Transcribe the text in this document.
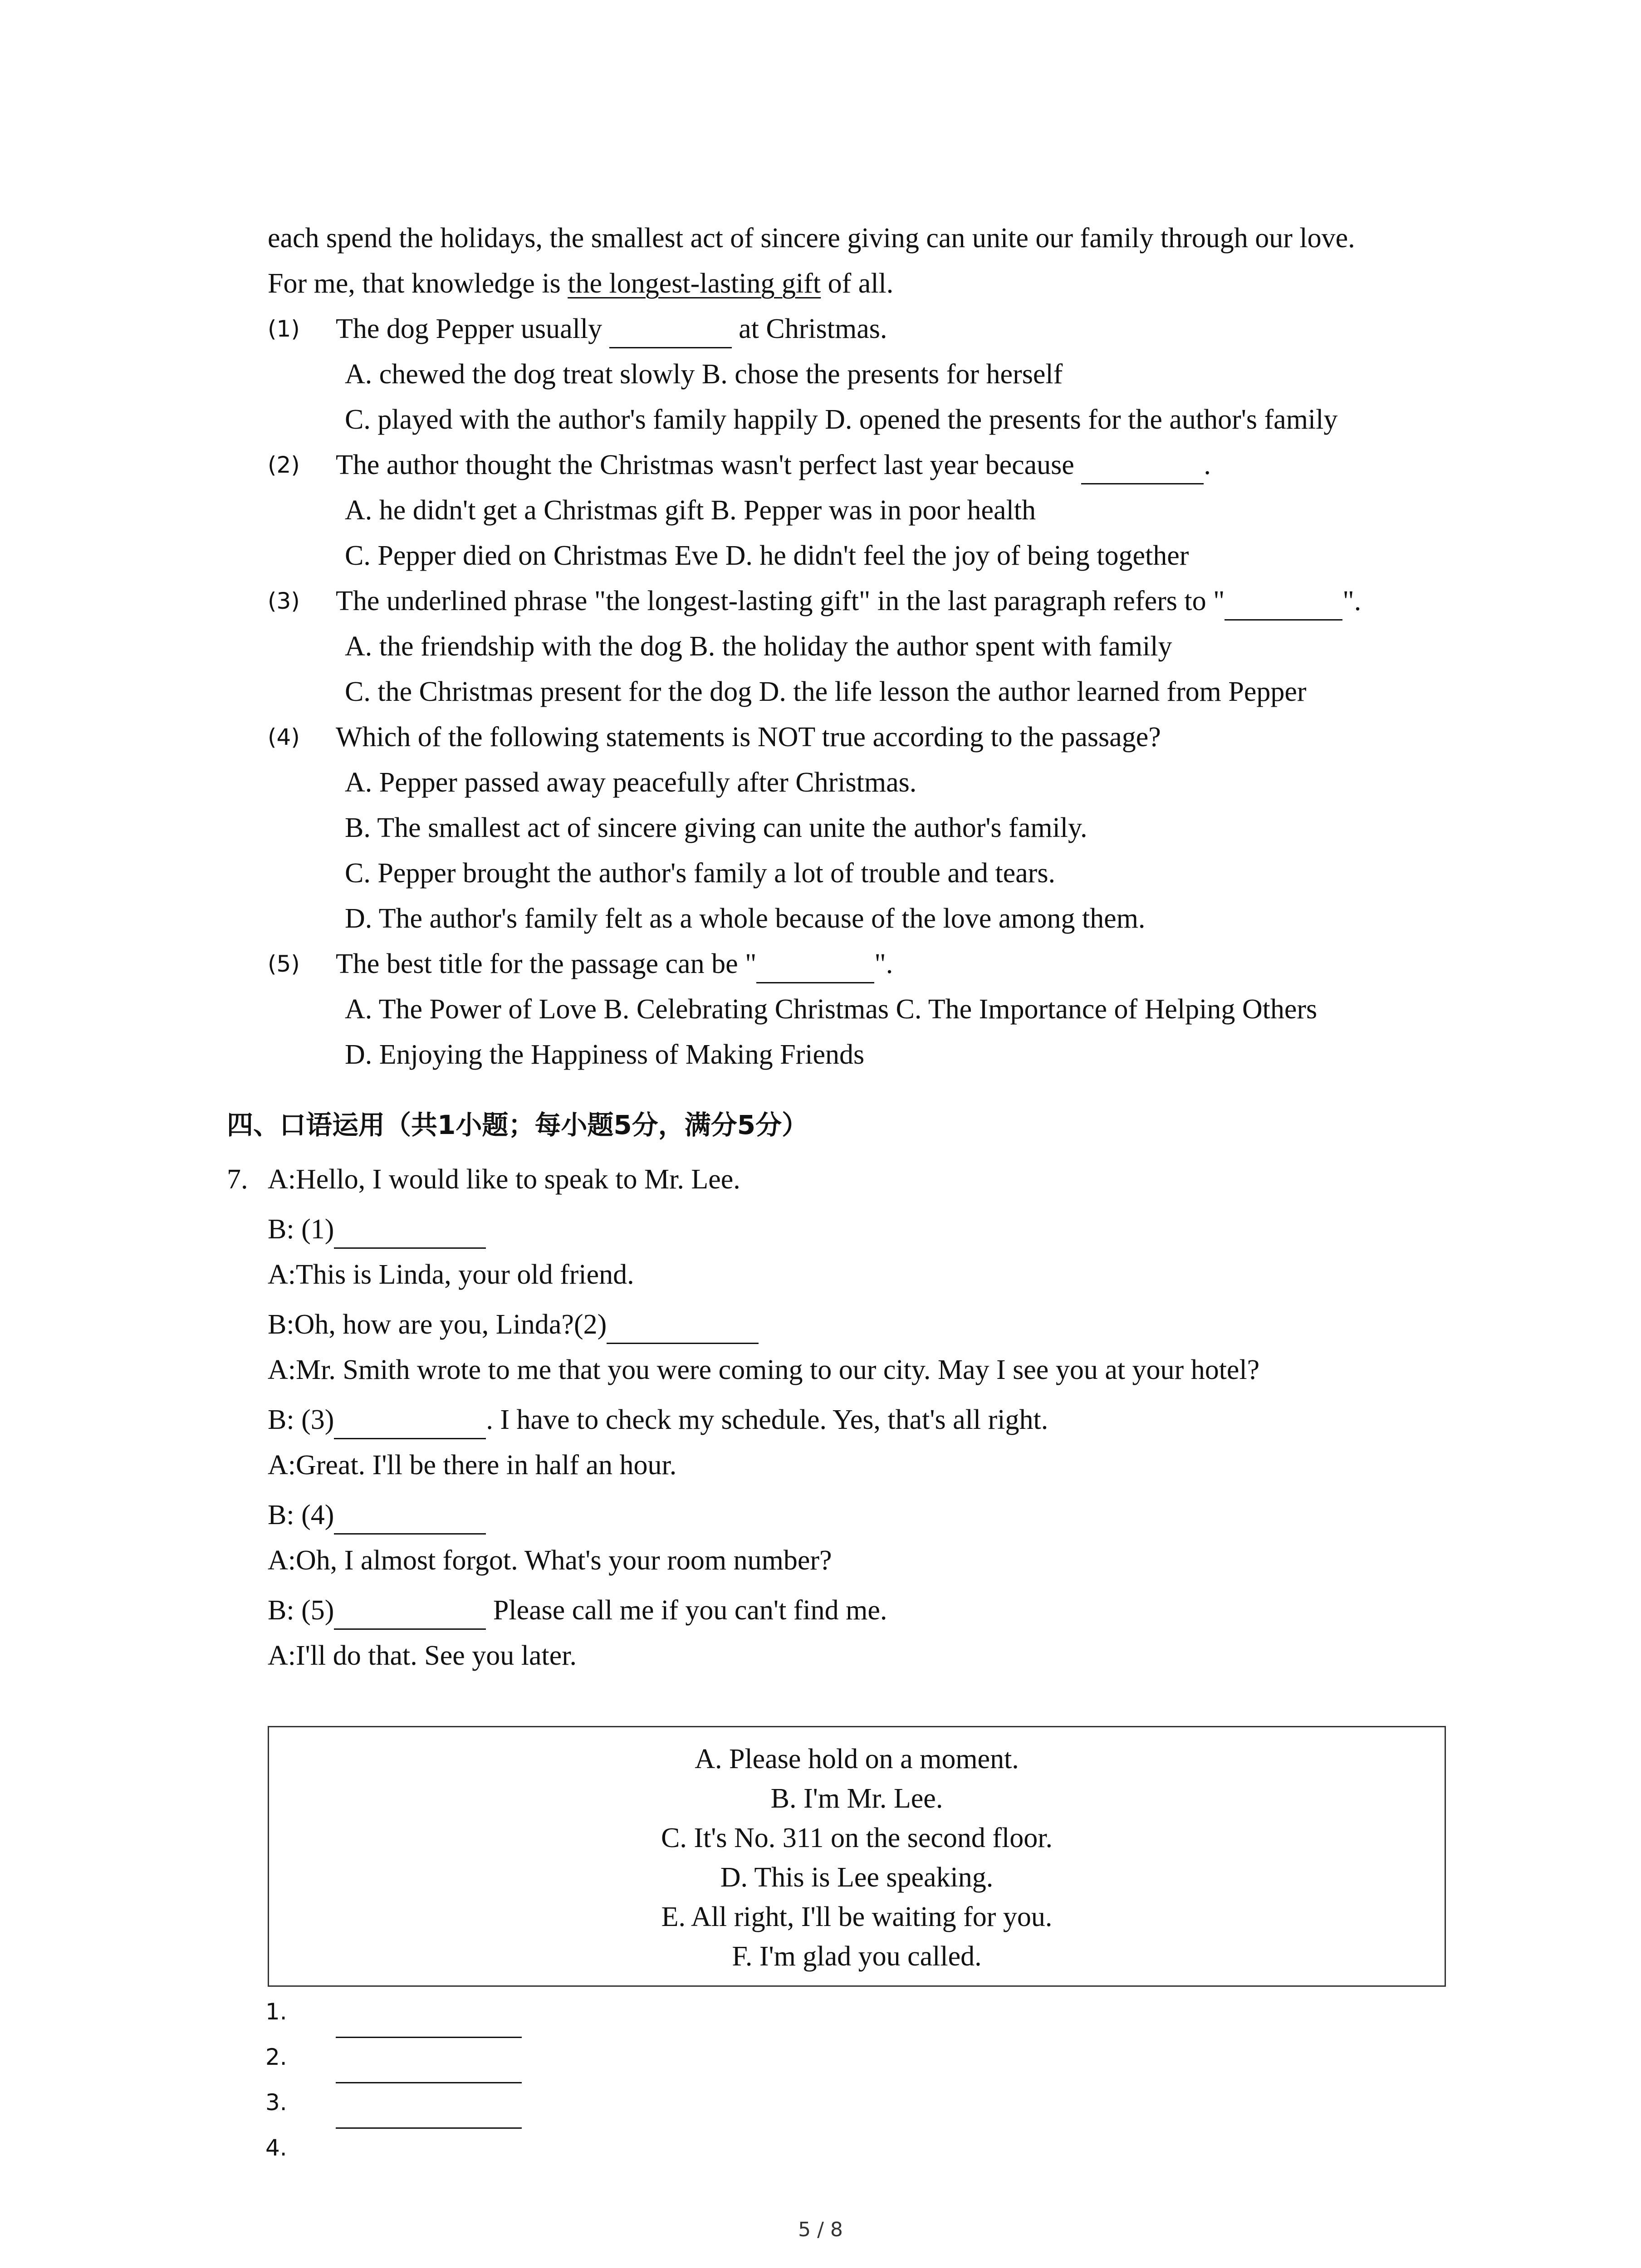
each spend the holidays, the smallest act of sincere giving can unite our family through our love.
For me, that knowledge is the longest-lasting gift of all.
(1) The dog Pepper usually	at Christmas.
A. chewed the dog treat slowly B. chose the presents for herself
C. played with the author's family happily D. opened the presents for the author's family
(2) The author thought the Christmas wasn't perfect last year because	.
A. he didn't get a Christmas gift B. Pepper was in poor health
C. Pepper died on Christmas Eve D. he didn't feel the joy of being together
(3) The underlined phrase "the longest-lasting gift" in the last paragraph refers to "	".
A. the friendship with the dog B. the holiday the author spent with family
C. the Christmas present for the dog D. the life lesson the author learned from Pepper
(4) Which of the following statements is NOT true according to the passage?
A. Pepper passed away peacefully after Christmas.
B. The smallest act of sincere giving can unite the author's family.
C. Pepper brought the author's family a lot of trouble and tears.
D. The author's family felt as a whole because of the love among them.
(5) The best title for the passage can be "	".
A. The Power of Love B. Celebrating Christmas C. The Importance of Helping Others
D. Enjoying the Happiness of Making Friends
四、口语运用（共1小题；每小题5分，满分5分）
7. A:Hello, I would like to speak to Mr. Lee.
B: (1)
A:This is Linda, your old friend.
B:Oh, how are you, Linda?(2)
A:Mr. Smith wrote to me that you were coming to our city. May I see you at your hotel?
B: (3)	. I have to check my schedule. Yes, that's all right.
A:Great. I'll be there in half an hour.
B: (4)
A:Oh, I almost forgot. What's your room number?
B: (5)	Please call me if you can't find me.
A:I'll do that. See you later.
A. Please hold on a moment.
B. I'm Mr. Lee.
C. It's No. 311 on the second floor.
D. This is Lee speaking.
E. All right, I'll be waiting for you.
F. I'm glad you called.
1.
2.
3.
4.
5 / 8
